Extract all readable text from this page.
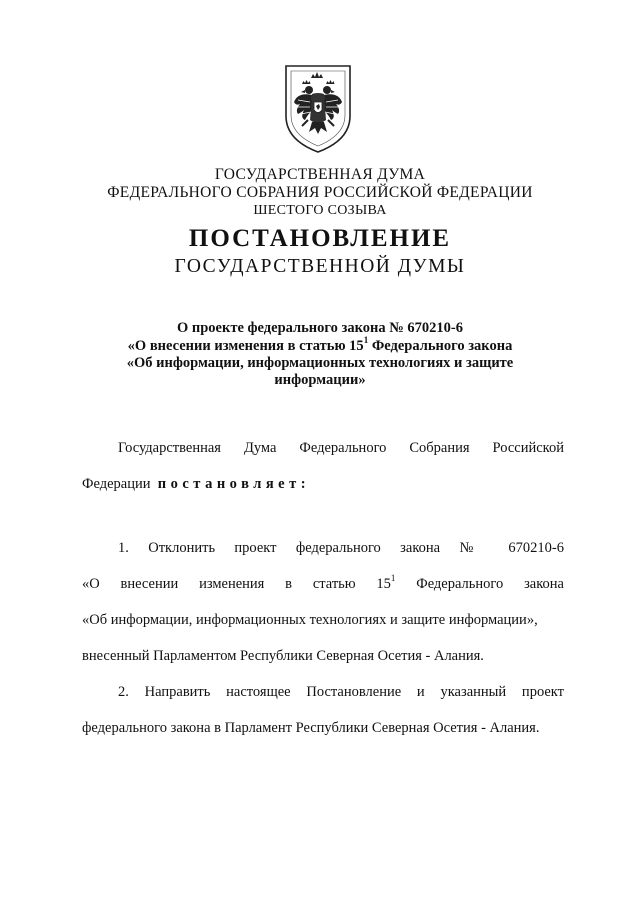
ГОСУДАРСТВЕННАЯ ДУМА
ФЕДЕРАЛЬНОГО СОБРАНИЯ РОССИЙСКОЙ ФЕДЕРАЦИИ
ШЕСТОГО СОЗЫВА
ПОСТАНОВЛЕНИЕ
ГОСУДАРСТВЕННОЙ ДУМЫ
О проекте федерального закона № 670210-6
«О внесении изменения в статью $15^1$ Федерального закона
«Об информации, информационных технологиях и защите
информации»
Государственная Дума Федерального Собрания Российской
Федерации постановляет:
1. Отклонить проект федерального закона № 670210-6
«О внесении изменения в статью $15^1$ Федерального закона
«Об информации, информационных технологиях и защите информации»,
внесенный Парламентом Республики Северная Осетия - Алания.
2. Направить настоящее Постановление и указанный проект
федерального закона в Парламент Республики Северная Осетия - Алания.
